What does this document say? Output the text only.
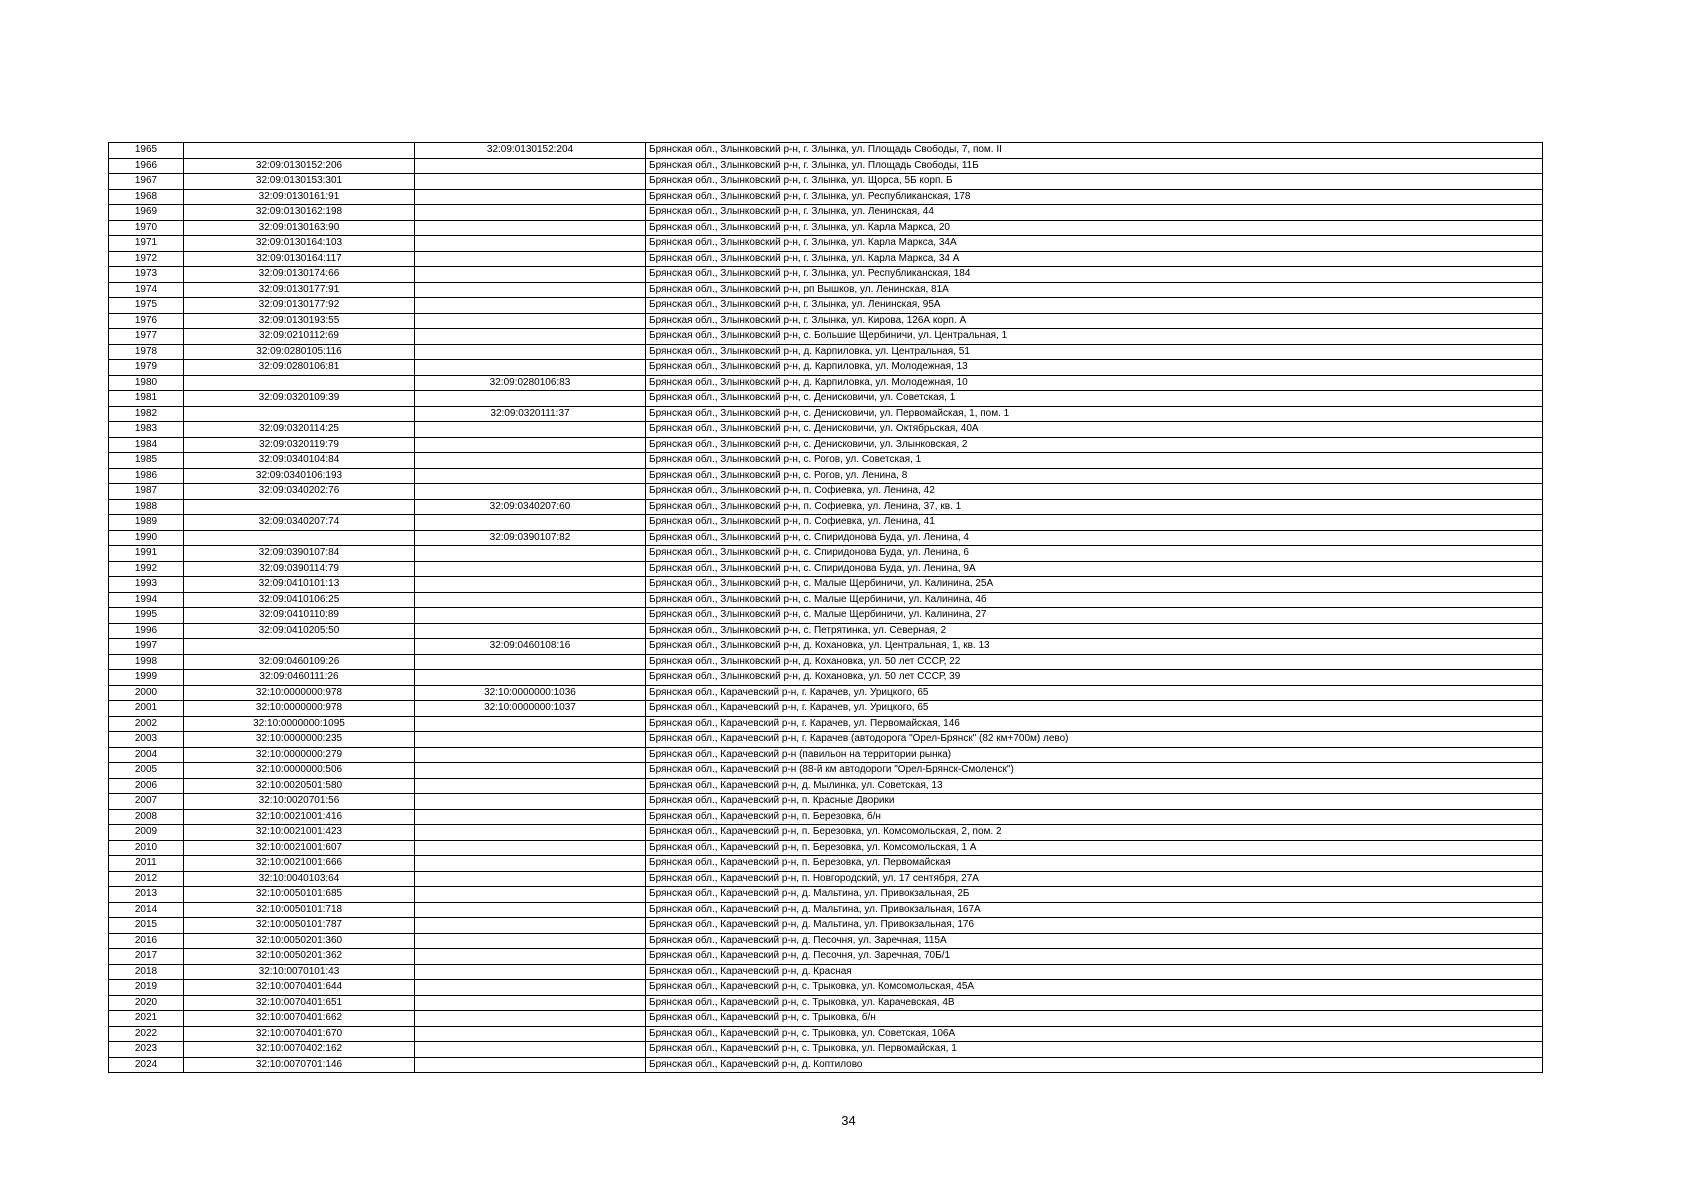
1965		32:09:0130152:204	Брянская обл., Злынковский р-н, г. Злынка, ул. Площадь Свободы, 7, пом. II
1966	32:09:0130152:206		Брянская обл., Злынковский р-н, г. Злынка, ул. Площадь Свободы, 11Б
1967	32:09:0130153:301		Брянская обл., Злынковский р-н, г. Злынка, ул. Щорса, 5Б корп. Б
1968	32:09:0130161:91		Брянская обл., Злынковский р-н, г. Злынка, ул. Республиканская, 178
1969	32:09:0130162:198		Брянская обл., Злынковский р-н, г. Злынка, ул. Ленинская, 44
1970	32:09:0130163:90		Брянская обл., Злынковский р-н, г. Злынка, ул. Карла Маркса, 20
1971	32:09:0130164:103		Брянская обл., Злынковский р-н, г. Злынка, ул. Карла Маркса, 34А
1972	32:09:0130164:117		Брянская обл., Злынковский р-н, г. Злынка, ул. Карла Маркса, 34 А
1973	32:09:0130174:66		Брянская обл., Злынковский р-н, г. Злынка, ул. Республиканская, 184
1974	32:09:0130177:91		Брянская обл., Злынковский р-н, рп Вышков, ул. Ленинская, 81А
1975	32:09:0130177:92		Брянская обл., Злынковский р-н, г. Злынка, ул. Ленинская, 95А
1976	32:09:0130193:55		Брянская обл., Злынковский р-н, г. Злынка, ул. Кирова, 126А корп. А
1977	32:09:0210112:69		Брянская обл., Злынковский р-н, с. Большие Щербиничи, ул. Центральная, 1
1978	32:09:0280105:116		Брянская обл., Злынковский р-н, д. Карпиловка, ул. Центральная, 51
1979	32:09:0280106:81		Брянская обл., Злынковский р-н, д. Карпиловка, ул. Молодежная, 13
1980		32:09:0280106:83	Брянская обл., Злынковский р-н, д. Карпиловка, ул. Молодежная, 10
1981	32:09:0320109:39		Брянская обл., Злынковский р-н, с. Денисковичи, ул. Советская, 1
1982		32:09:0320111:37	Брянская обл., Злынковский р-н, с. Денисковичи, ул. Первомайская, 1, пом. 1
1983	32:09:0320114:25		Брянская обл., Злынковский р-н, с. Денисковичи, ул. Октябрьская, 40А
1984	32:09:0320119:79		Брянская обл., Злынковский р-н, с. Денисковичи, ул. Злынковская, 2
1985	32:09:0340104:84		Брянская обл., Злынковский р-н, с. Рогов, ул. Советская, 1
1986	32:09:0340106:193		Брянская обл., Злынковский р-н, с. Рогов, ул. Ленина, 8
1987	32:09:0340202:76		Брянская обл., Злынковский р-н, п. Софиевка, ул. Ленина, 42
1988		32:09:0340207:60	Брянская обл., Злынковский р-н, п. Софиевка, ул. Ленина, 37, кв. 1
1989	32:09:0340207:74		Брянская обл., Злынковский р-н, п. Софиевка, ул. Ленина, 41
1990		32:09:0390107:82	Брянская обл., Злынковский р-н, с. Спиридонова Буда, ул. Ленина, 4
1991	32:09:0390107:84		Брянская обл., Злынковский р-н, с. Спиридонова Буда, ул. Ленина, 6
1992	32:09:0390114:79		Брянская обл., Злынковский р-н, с. Спиридонова Буда, ул. Ленина, 9А
1993	32:09:0410101:13		Брянская обл., Злынковский р-н, с. Малые Щербиничи, ул. Калинина, 25А
1994	32:09:0410106:25		Брянская обл., Злынковский р-н, с. Малые Щербиничи, ул. Калинина, 4б
1995	32:09:0410110:89		Брянская обл., Злынковский р-н, с. Малые Щербиничи, ул. Калинина, 27
1996	32:09:0410205:50		Брянская обл., Злынковский р-н, с. Петрятинка, ул. Северная, 2
1997		32:09:0460108:16	Брянская обл., Злынковский р-н, д. Кохановка, ул. Центральная, 1, кв. 13
1998	32:09:0460109:26		Брянская обл., Злынковский р-н, д. Кохановка, ул. 50 лет СССР, 22
1999	32:09:0460111:26		Брянская обл., Злынковский р-н, д. Кохановка, ул. 50 лет СССР, 39
2000	32:10:0000000:978	32:10:0000000:1036	Брянская обл., Карачевский р-н, г. Карачев, ул. Урицкого, 65
2001	32:10:0000000:978	32:10:0000000:1037	Брянская обл., Карачевский р-н, г. Карачев, ул. Урицкого, 65
2002	32:10:0000000:1095		Брянская обл., Карачевский р-н, г. Карачев, ул. Первомайская, 146
2003	32:10:0000000:235		Брянская обл., Карачевский р-н, г. Карачев (автодорога "Орел-Брянск" (82 км+700м) лево)
2004	32:10:0000000:279		Брянская обл., Карачевский р-н (павильон на территории рынка)
2005	32:10:0000000:506		Брянская обл., Карачевский р-н (88-й км автодороги "Орел-Брянск-Смоленск")
2006	32:10:0020501:580		Брянская обл., Карачевский р-н, д. Мылинка, ул. Советская, 13
2007	32:10:0020701:56		Брянская обл., Карачевский р-н, п. Красные Дворики
2008	32:10:0021001:416		Брянская обл., Карачевский р-н, п. Березовка, б/н
2009	32:10:0021001:423		Брянская обл., Карачевский р-н, п. Березовка, ул. Комсомольская, 2, пом. 2
2010	32:10:0021001:607		Брянская обл., Карачевский р-н, п. Березовка, ул. Комсомольская, 1 А
2011	32:10:0021001:666		Брянская обл., Карачевский р-н, п. Березовка, ул. Первомайская
2012	32:10:0040103:64		Брянская обл., Карачевский р-н, п. Новгородский, ул. 17 сентября, 27А
2013	32:10:0050101:685		Брянская обл., Карачевский р-н, д. Мальтина, ул. Привокзальная, 2Б
2014	32:10:0050101:718		Брянская обл., Карачевский р-н, д. Мальтина, ул. Привокзальная, 167А
2015	32:10:0050101:787		Брянская обл., Карачевский р-н, д. Мальтина, ул. Привокзальная, 176
2016	32:10:0050201:360		Брянская обл., Карачевский р-н, д. Песочня, ул. Заречная, 115А
2017	32:10:0050201:362		Брянская обл., Карачевский р-н, д. Песочня, ул. Заречная, 70Б/1
2018	32:10:0070101:43		Брянская обл., Карачевский р-н, д. Красная
2019	32:10:0070401:644		Брянская обл., Карачевский р-н, с. Трыковка, ул. Комсомольская, 45А
2020	32:10:0070401:651		Брянская обл., Карачевский р-н, с. Трыковка, ул. Карачевская, 4В
2021	32:10:0070401:662		Брянская обл., Карачевский р-н, с. Трыковка, б/н
2022	32:10:0070401:670		Брянская обл., Карачевский р-н, с. Трыковка, ул. Советская, 106А
2023	32:10:0070402:162		Брянская обл., Карачевский р-н, с. Трыковка, ул. Первомайская, 1
2024	32:10:0070701:146		Брянская обл., Карачевский р-н, д. Коптилово
34
